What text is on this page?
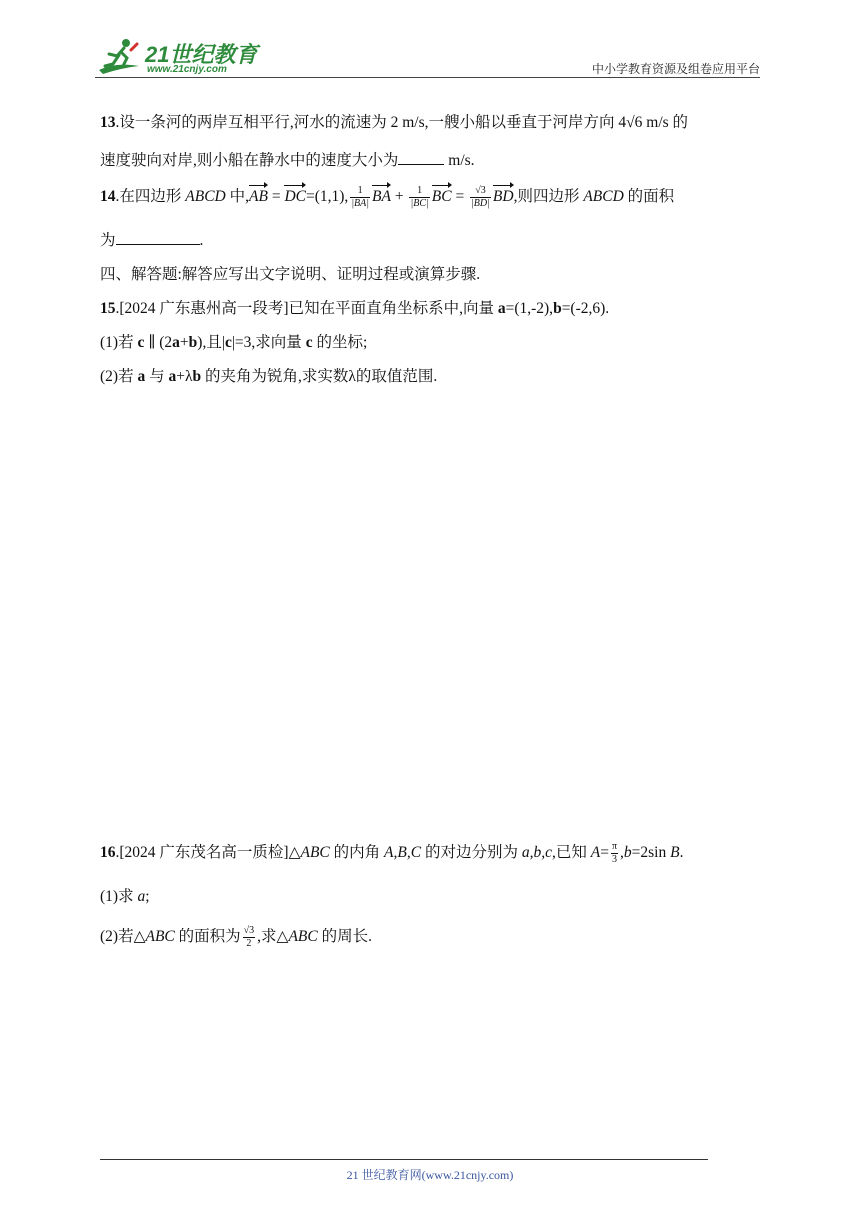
21世纪教育
www.21cnjy.com	中小学教育资源及组卷应用平台
13.设一条河的两岸互相平行,河水的流速为 2 m/s,一艘小船以垂直于河岸方向 4√6 m/s 的
速度驶向对岸,则小船在静水中的速度大小为	m/s.
14.在四边形 ABCD 中,AB = DC=(1,1), $\frac{1}{|BA|}$ BA + $\frac{1}{|BC|}$ BC = $\frac{√3}{|BD|}$ BD,则四边形 ABCD 的面积
为	.
四、解答题:解答应写出文字说明、证明过程或演算步骤.
15.[2024 广东惠州高一段考]已知在平面直角坐标系中,向量 a=(1,-2),b=(-2,6).
(1)若 c ∥ (2a+b),且|c|=3,求向量 c 的坐标;
(2)若 a 与 a+λb 的夹角为锐角,求实数λ的取值范围.
16.[2024 广东茂名高一质检]△ABC 的内角 A,B,C 的对边分别为 a,b,c,已知 $A= \frac{\pi}{3} ,b=2\sin$ B.
(1)求 a;
(2)若△ABC 的面积为 $\frac{√3}{2}$ ,求△ABC 的周长.
21 世纪教育网(www.21cnjy.com)
